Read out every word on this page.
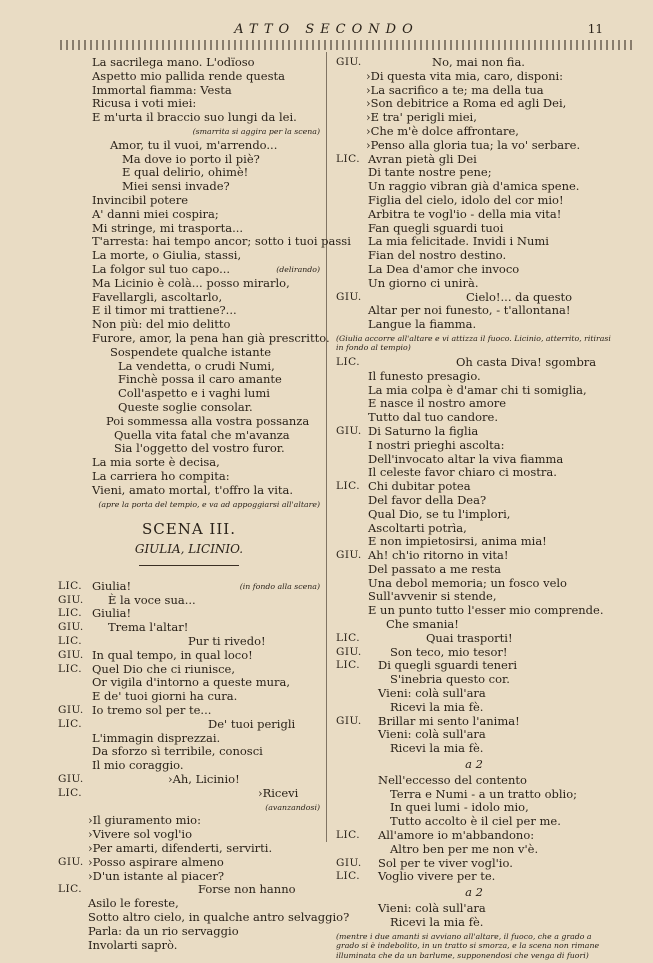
ATTO SECONDO	11
La sacrilega mano. L'odïoso
Aspetto mio pallida rende questa
Immortal fiamma: Vesta
Ricusa i voti miei:
E m'urta il braccio suo lungi da lei.
(smarrita si aggira per la scena)
Amor, tu il vuoi, m'arrendo...
Ma dove io porto il piè?
E qual delirio, ohimè!
Miei sensi invade?
Invincibil potere
A' danni miei cospira;
Mi stringe, mi trasporta...
T'arresta: hai tempo ancor; sotto i tuoi passi
La morte, o Giulia, stassi,
La folgor sul tuo capo...	(delirando)
Ma Licinio è colà... posso mirarlo,
Favellargli, ascoltarlo,
E il timor mi trattiene?...
Non più: del mio delitto
Furore, amor, la pena han già prescritto.
Sospendete qualche istante
La vendetta, o crudi Numi,
Finchè possa il caro amante
Coll'aspetto e i vaghi lumi
Queste soglie consolar.
Poi sommessa alla vostra possanza
Quella vita fatal che m'avanza
Sia l'oggetto del vostro furor.
La mia sorte è decisa,
La carriera ho compita:
Vieni, amato mortal, t'offro la vita.
(apre la porta del tempio, e va ad appoggiarsi all'altare)
SCENA III.
GIULIA, LICINIO.
LIC. Giulia!	(in fondo alla scena)
GIU. È la voce sua...
LIC. Giulia!
GIU. Trema l'altar!
LIC.	Pur ti rivedo!
GIU. In qual tempo, in qual loco!
LIC. Quel Dio che ci riunisce,
Or vigila d'intorno a queste mura,
E de' tuoi giorni ha cura.
GIU. Io tremo sol per te...
LIC.	De' tuoi perigli
L'immagin disprezzai.
Da sforzo sì terribile, conosci
Il mio coraggio.
GIU.	›Ah, Licinio!
LIC.	›Ricevi
(avanzandosi)
›Il giuramento mio:
›Vivere sol vogl'io
›Per amarti, difenderti, servirti.
GIU. ›Posso aspirare almeno
›D'un istante al piacer?
LIC.	Forse non hanno
Asilo le foreste,
Sotto altro cielo, in qualche antro selvaggio?
Parla: da un rio servaggio
Involarti saprò.
GIU.	No, mai non fia.
›Di questa vita mia, caro, disponi:
›La sacrifico a te; ma della tua
›Son debitrice a Roma ed agli Dei,
›E tra' perigli miei,
›Che m'è dolce affrontare,
›Penso alla gloria tua; la vo' serbare.
LIC. Avran pietà gli Dei
Di tante nostre pene;
Un raggio vibran già d'amica spene.
Figlia del cielo, idolo del cor mio!
Arbitra te vogl'io - della mia vita!
Fan quegli sguardi tuoi
La mia felicitade. Invidi i Numi
Fian del nostro destino.
La Dea d'amor che invoco
Un giorno ci unirà.
GIU.	Cielo!... da questo
Altar per noi funesto, - t'allontana!
Langue la fiamma.
(Giulia accorre all'altare e vi attizza il fuoco. Licinio, atterrito, ritirasi in fondo al tempio)
LIC.	Oh casta Diva! sgombra
Il funesto presagio.
La mia colpa è d'amar chi ti somiglia,
E nasce il nostro amore
Tutto dal tuo candore.
GIU. Di Saturno la figlia
I nostri prieghi ascolta:
Dell'invocato altar la viva fiamma
Il celeste favor chiaro ci mostra.
LIC. Chi dubitar potea
Del favor della Dea?
Qual Dio, se tu l'implori,
Ascoltarti potrìa,
E non impietosirsi, anima mia!
GIU. Ah! ch'io ritorno in vita!
Del passato a me resta
Una debol memoria; un fosco velo
Sull'avvenir si stende,
E un punto tutto l'esser mio comprende.
Che smania!
LIC.	Quai trasporti!
GIU. Son teco, mio tesor!
LIC. Di quegli sguardi teneri
S'inebria questo cor.
Vieni: colà sull'ara
Ricevi la mia fè.
GIU. Brillar mi sento l'anima!
Vieni: colà sull'ara
Ricevi la mia fè.
a 2
Nell'eccesso del contento
Terra e Numi - a un tratto oblio;
In quei lumi - idolo mio,
Tutto accolto è il ciel per me.
LIC. All'amore io m'abbandono:
Altro ben per me non v'è.
GIU. Sol per te viver vogl'io.
LIC. Voglio vivere per te.
a 2
Vieni: colà sull'ara
Ricevi la mia fè.
(mentre i due amanti si avviano all'altare, il fuoco, che a grado a grado si è indebolito, in un tratto si smorza, e la scena non rimane illuminata che da un barlume, supponendosi che venga di fuori)
